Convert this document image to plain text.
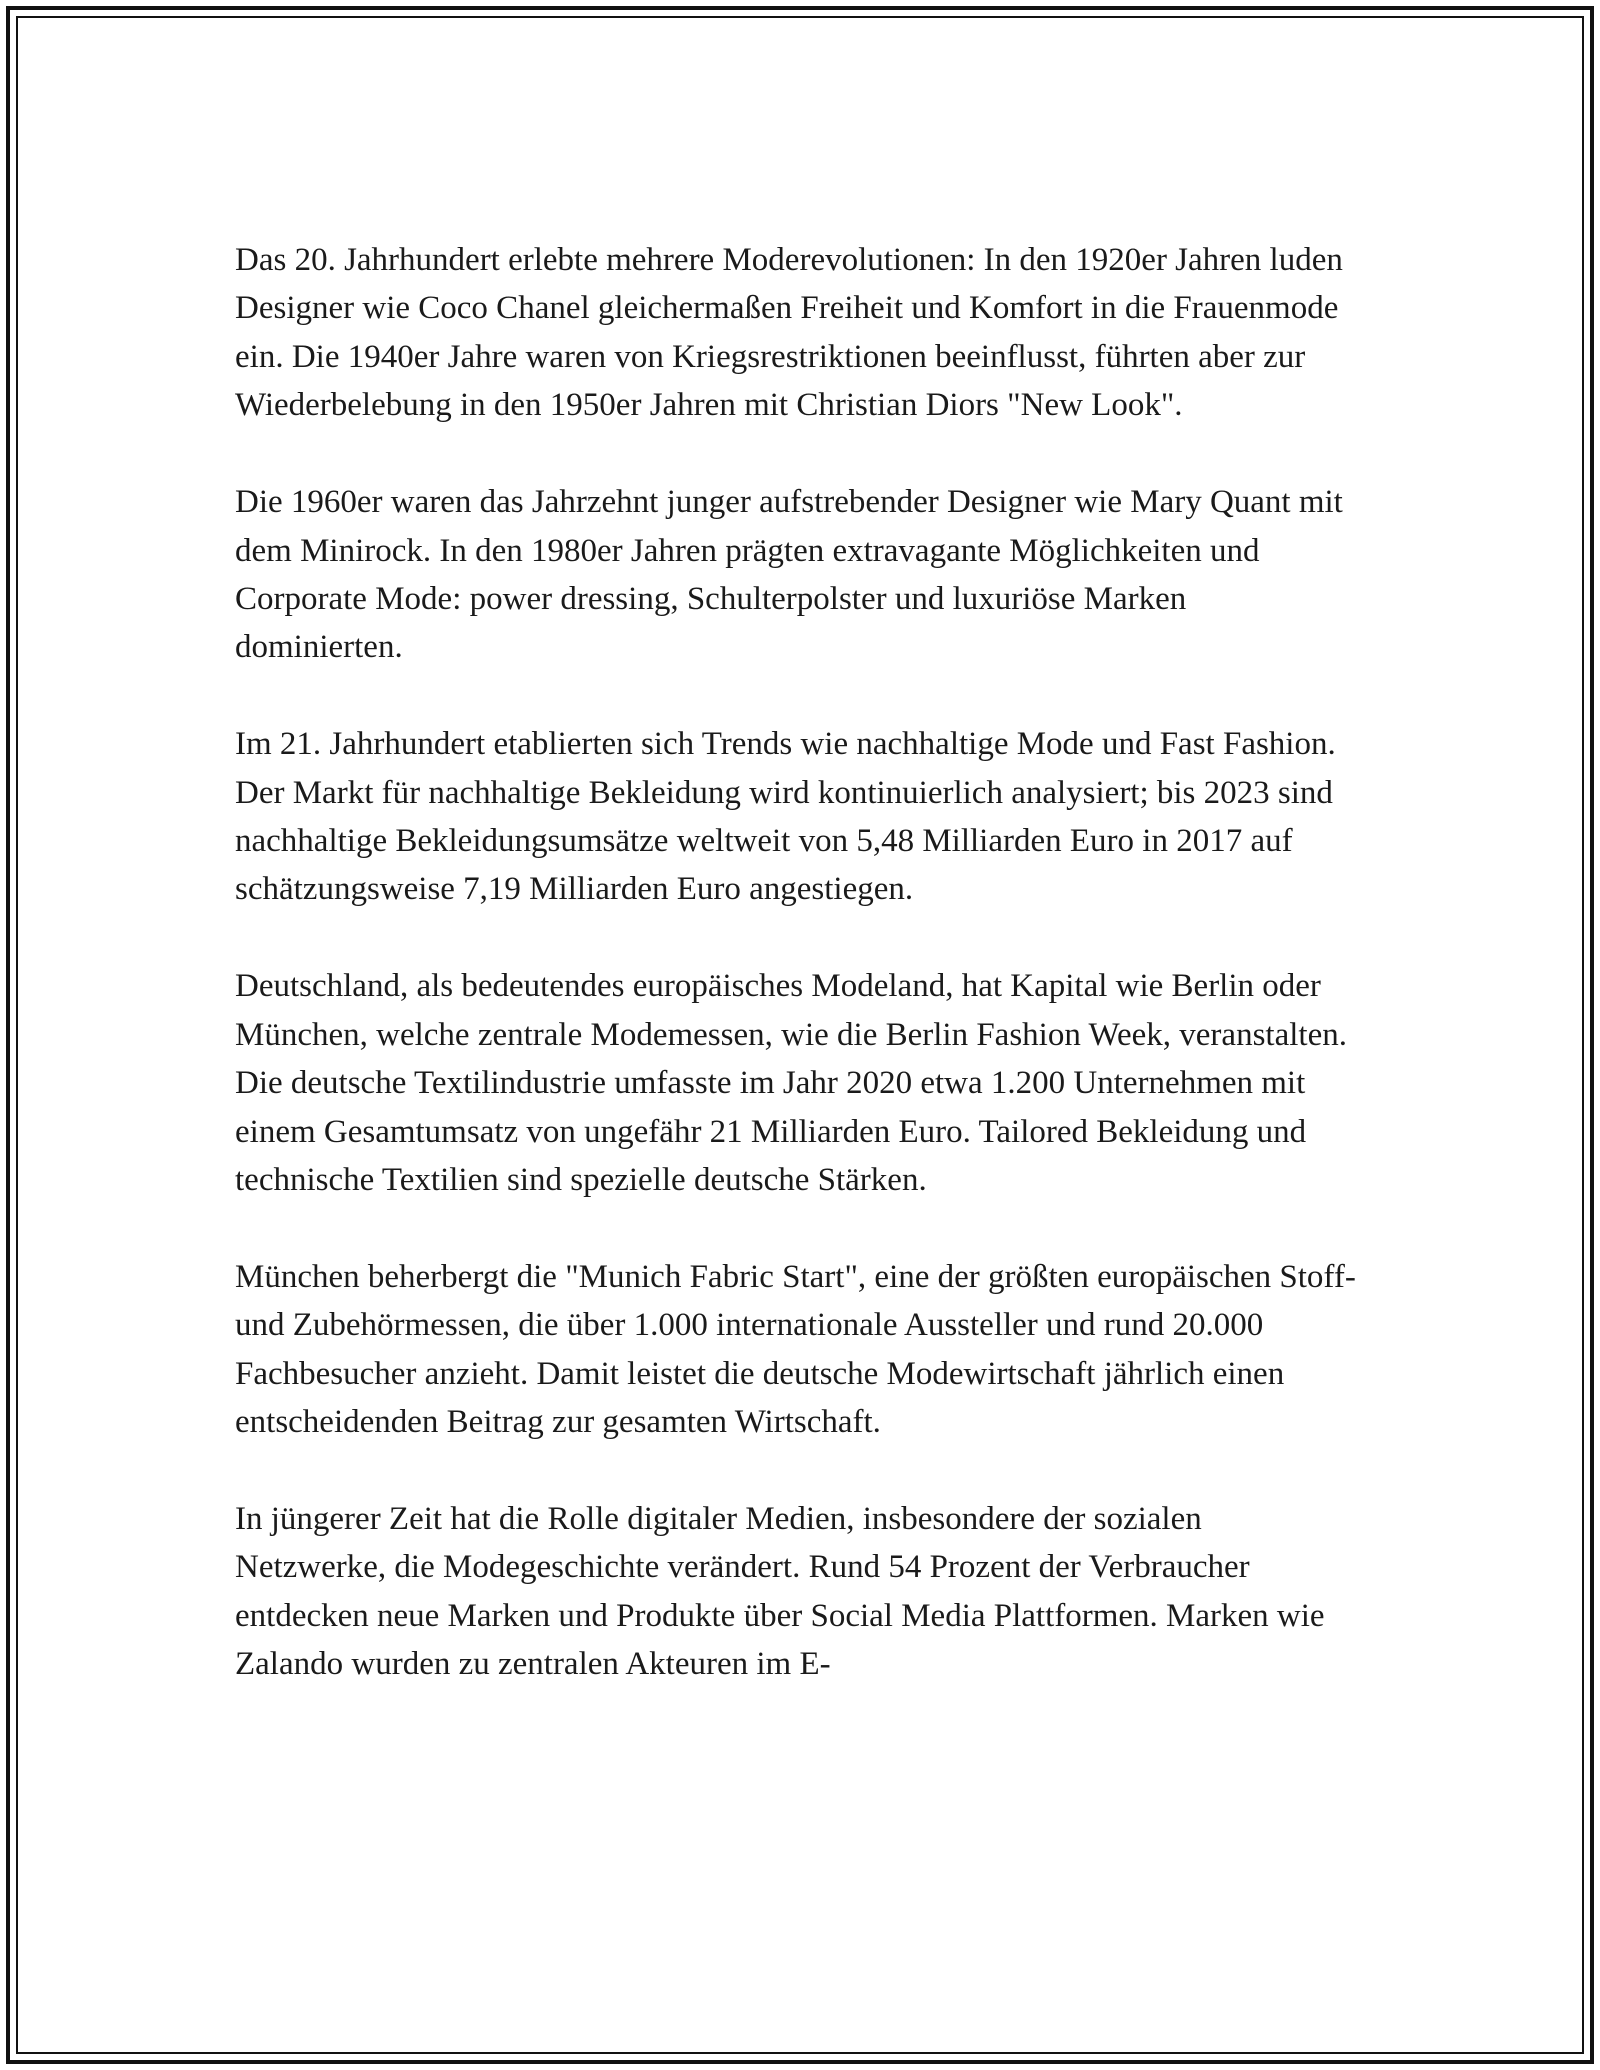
Das 20. Jahrhundert erlebte mehrere Moderevolutionen: In den 1920er Jahren luden Designer wie Coco Chanel gleichermaßen Freiheit und Komfort in die Frauenmode ein. Die 1940er Jahre waren von Kriegsrestriktionen beeinflusst, führten aber zur Wiederbelebung in den 1950er Jahren mit Christian Diors "New Look".

Die 1960er waren das Jahrzehnt junger aufstrebender Designer wie Mary Quant mit dem Minirock. In den 1980er Jahren prägten extravagante Möglichkeiten und Corporate Mode: power dressing, Schulterpolster und luxuriöse Marken dominierten.

Im 21. Jahrhundert etablierten sich Trends wie nachhaltige Mode und Fast Fashion. Der Markt für nachhaltige Bekleidung wird kontinuierlich analysiert; bis 2023 sind nachhaltige Bekleidungsumsätze weltweit von 5,48 Milliarden Euro in 2017 auf schätzungsweise 7,19 Milliarden Euro angestiegen.

Deutschland, als bedeutendes europäisches Modeland, hat Kapital wie Berlin oder München, welche zentrale Modemessen, wie die Berlin Fashion Week, veranstalten. Die deutsche Textilindustrie umfasste im Jahr 2020 etwa 1.200 Unternehmen mit einem Gesamtumsatz von ungefähr 21 Milliarden Euro. Tailored Bekleidung und technische Textilien sind spezielle deutsche Stärken.

München beherbergt die "Munich Fabric Start", eine der größten europäischen Stoff- und Zubehörmessen, die über 1.000 internationale Aussteller und rund 20.000 Fachbesucher anzieht. Damit leistet die deutsche Modewirtschaft jährlich einen entscheidenden Beitrag zur gesamten Wirtschaft.

In jüngerer Zeit hat die Rolle digitaler Medien, insbesondere der sozialen Netzwerke, die Modegeschichte verändert. Rund 54 Prozent der Verbraucher entdecken neue Marken und Produkte über Social Media Plattformen. Marken wie Zalando wurden zu zentralen Akteuren im E-
